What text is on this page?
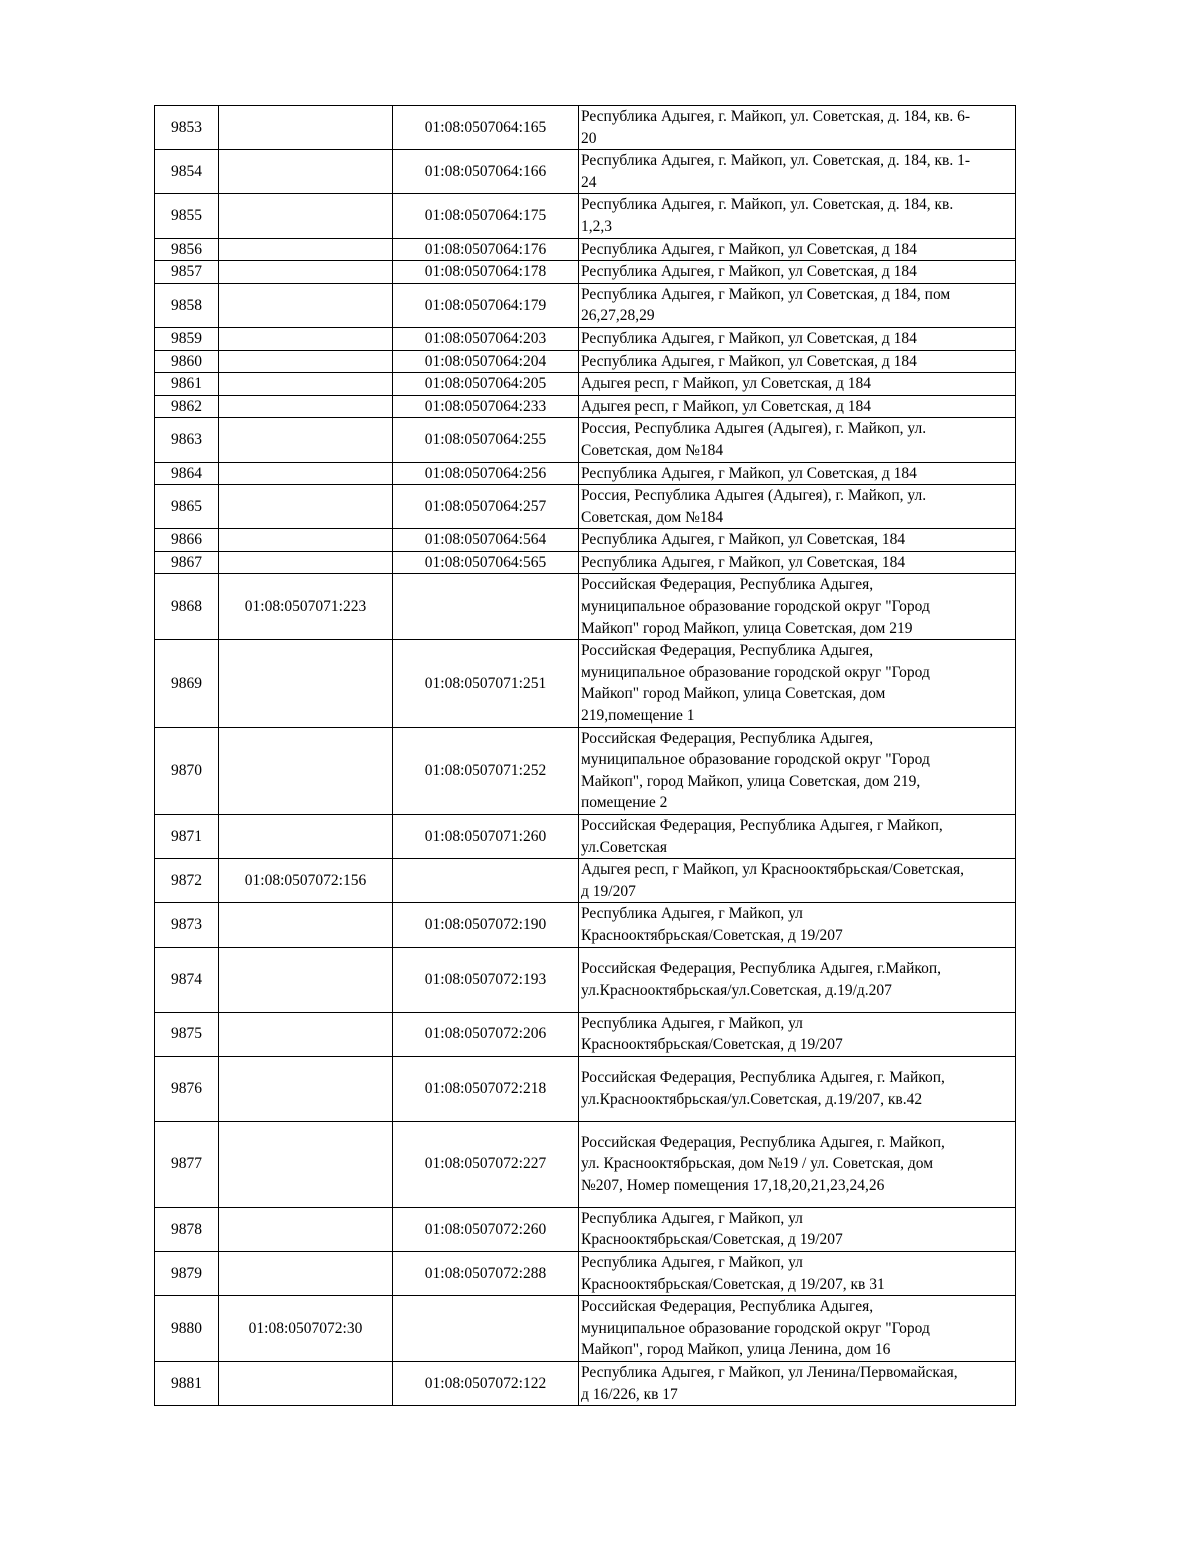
9853		01:08:0507064:165	Республика Адыгея, г. Майкоп, ул. Советская, д. 184, кв. 6-
20
9854		01:08:0507064:166	Республика Адыгея, г. Майкоп, ул. Советская, д. 184, кв. 1-
24
9855		01:08:0507064:175	Республика Адыгея, г. Майкоп, ул. Советская, д. 184, кв.
1,2,3
9856		01:08:0507064:176	Республика Адыгея, г Майкоп, ул Советская, д 184
9857		01:08:0507064:178	Республика Адыгея, г Майкоп, ул Советская, д 184
9858		01:08:0507064:179	Республика Адыгея, г Майкоп, ул Советская, д 184, пом
26,27,28,29
9859		01:08:0507064:203	Республика Адыгея, г Майкоп, ул Советская, д 184
9860		01:08:0507064:204	Республика Адыгея, г Майкоп, ул Советская, д 184
9861		01:08:0507064:205	Адыгея респ, г Майкоп, ул Советская, д 184
9862		01:08:0507064:233	Адыгея респ, г Майкоп, ул Советская, д 184
9863		01:08:0507064:255	Россия, Республика Адыгея (Адыгея), г. Майкоп, ул.
Советская, дом №184
9864		01:08:0507064:256	Республика Адыгея, г Майкоп, ул Советская, д 184
9865		01:08:0507064:257	Россия, Республика Адыгея (Адыгея), г. Майкоп, ул.
Советская, дом №184
9866		01:08:0507064:564	Республика Адыгея, г Майкоп, ул Советская, 184
9867		01:08:0507064:565	Республика Адыгея, г Майкоп, ул Советская, 184
9868	01:08:0507071:223		Российская Федерация, Республика Адыгея,
муниципальное образование городской округ "Город
Майкоп" город Майкоп, улица Советская, дом 219
9869		01:08:0507071:251	Российская Федерация, Республика Адыгея,
муниципальное образование городской округ "Город
Майкоп" город Майкоп, улица Советская, дом
219,помещение 1
9870		01:08:0507071:252	Российская Федерация, Республика Адыгея,
муниципальное образование городской округ "Город
Майкоп", город Майкоп, улица Советская, дом 219,
помещение 2
9871		01:08:0507071:260	Российская Федерация, Республика Адыгея, г Майкоп,
ул.Советская
9872	01:08:0507072:156		Адыгея респ, г Майкоп, ул Краснооктябрьская/Советская,
д 19/207
9873		01:08:0507072:190	Республика Адыгея, г Майкоп, ул
Краснооктябрьская/Советская, д 19/207
9874		01:08:0507072:193	Российская Федерация, Республика Адыгея, г.Майкоп,
ул.Краснооктябрьская/ул.Советская, д.19/д.207
9875		01:08:0507072:206	Республика Адыгея, г Майкоп, ул
Краснооктябрьская/Советская, д 19/207
9876		01:08:0507072:218	Российская Федерация, Республика Адыгея, г. Майкоп,
ул.Краснооктябрьская/ул.Советская, д.19/207, кв.42
9877		01:08:0507072:227	Российская Федерация, Республика Адыгея, г. Майкоп,
ул. Краснооктябрьская, дом №19 / ул. Советская, дом
№207, Номер помещения 17,18,20,21,23,24,26
9878		01:08:0507072:260	Республика Адыгея, г Майкоп, ул
Краснооктябрьская/Советская, д 19/207
9879		01:08:0507072:288	Республика Адыгея, г Майкоп, ул
Краснооктябрьская/Советская, д 19/207, кв 31
9880	01:08:0507072:30		Российская Федерация, Республика Адыгея,
муниципальное образование городской округ "Город
Майкоп", город Майкоп, улица Ленина, дом 16
9881		01:08:0507072:122	Республика Адыгея, г Майкоп, ул Ленина/Первомайская,
д 16/226, кв 17
